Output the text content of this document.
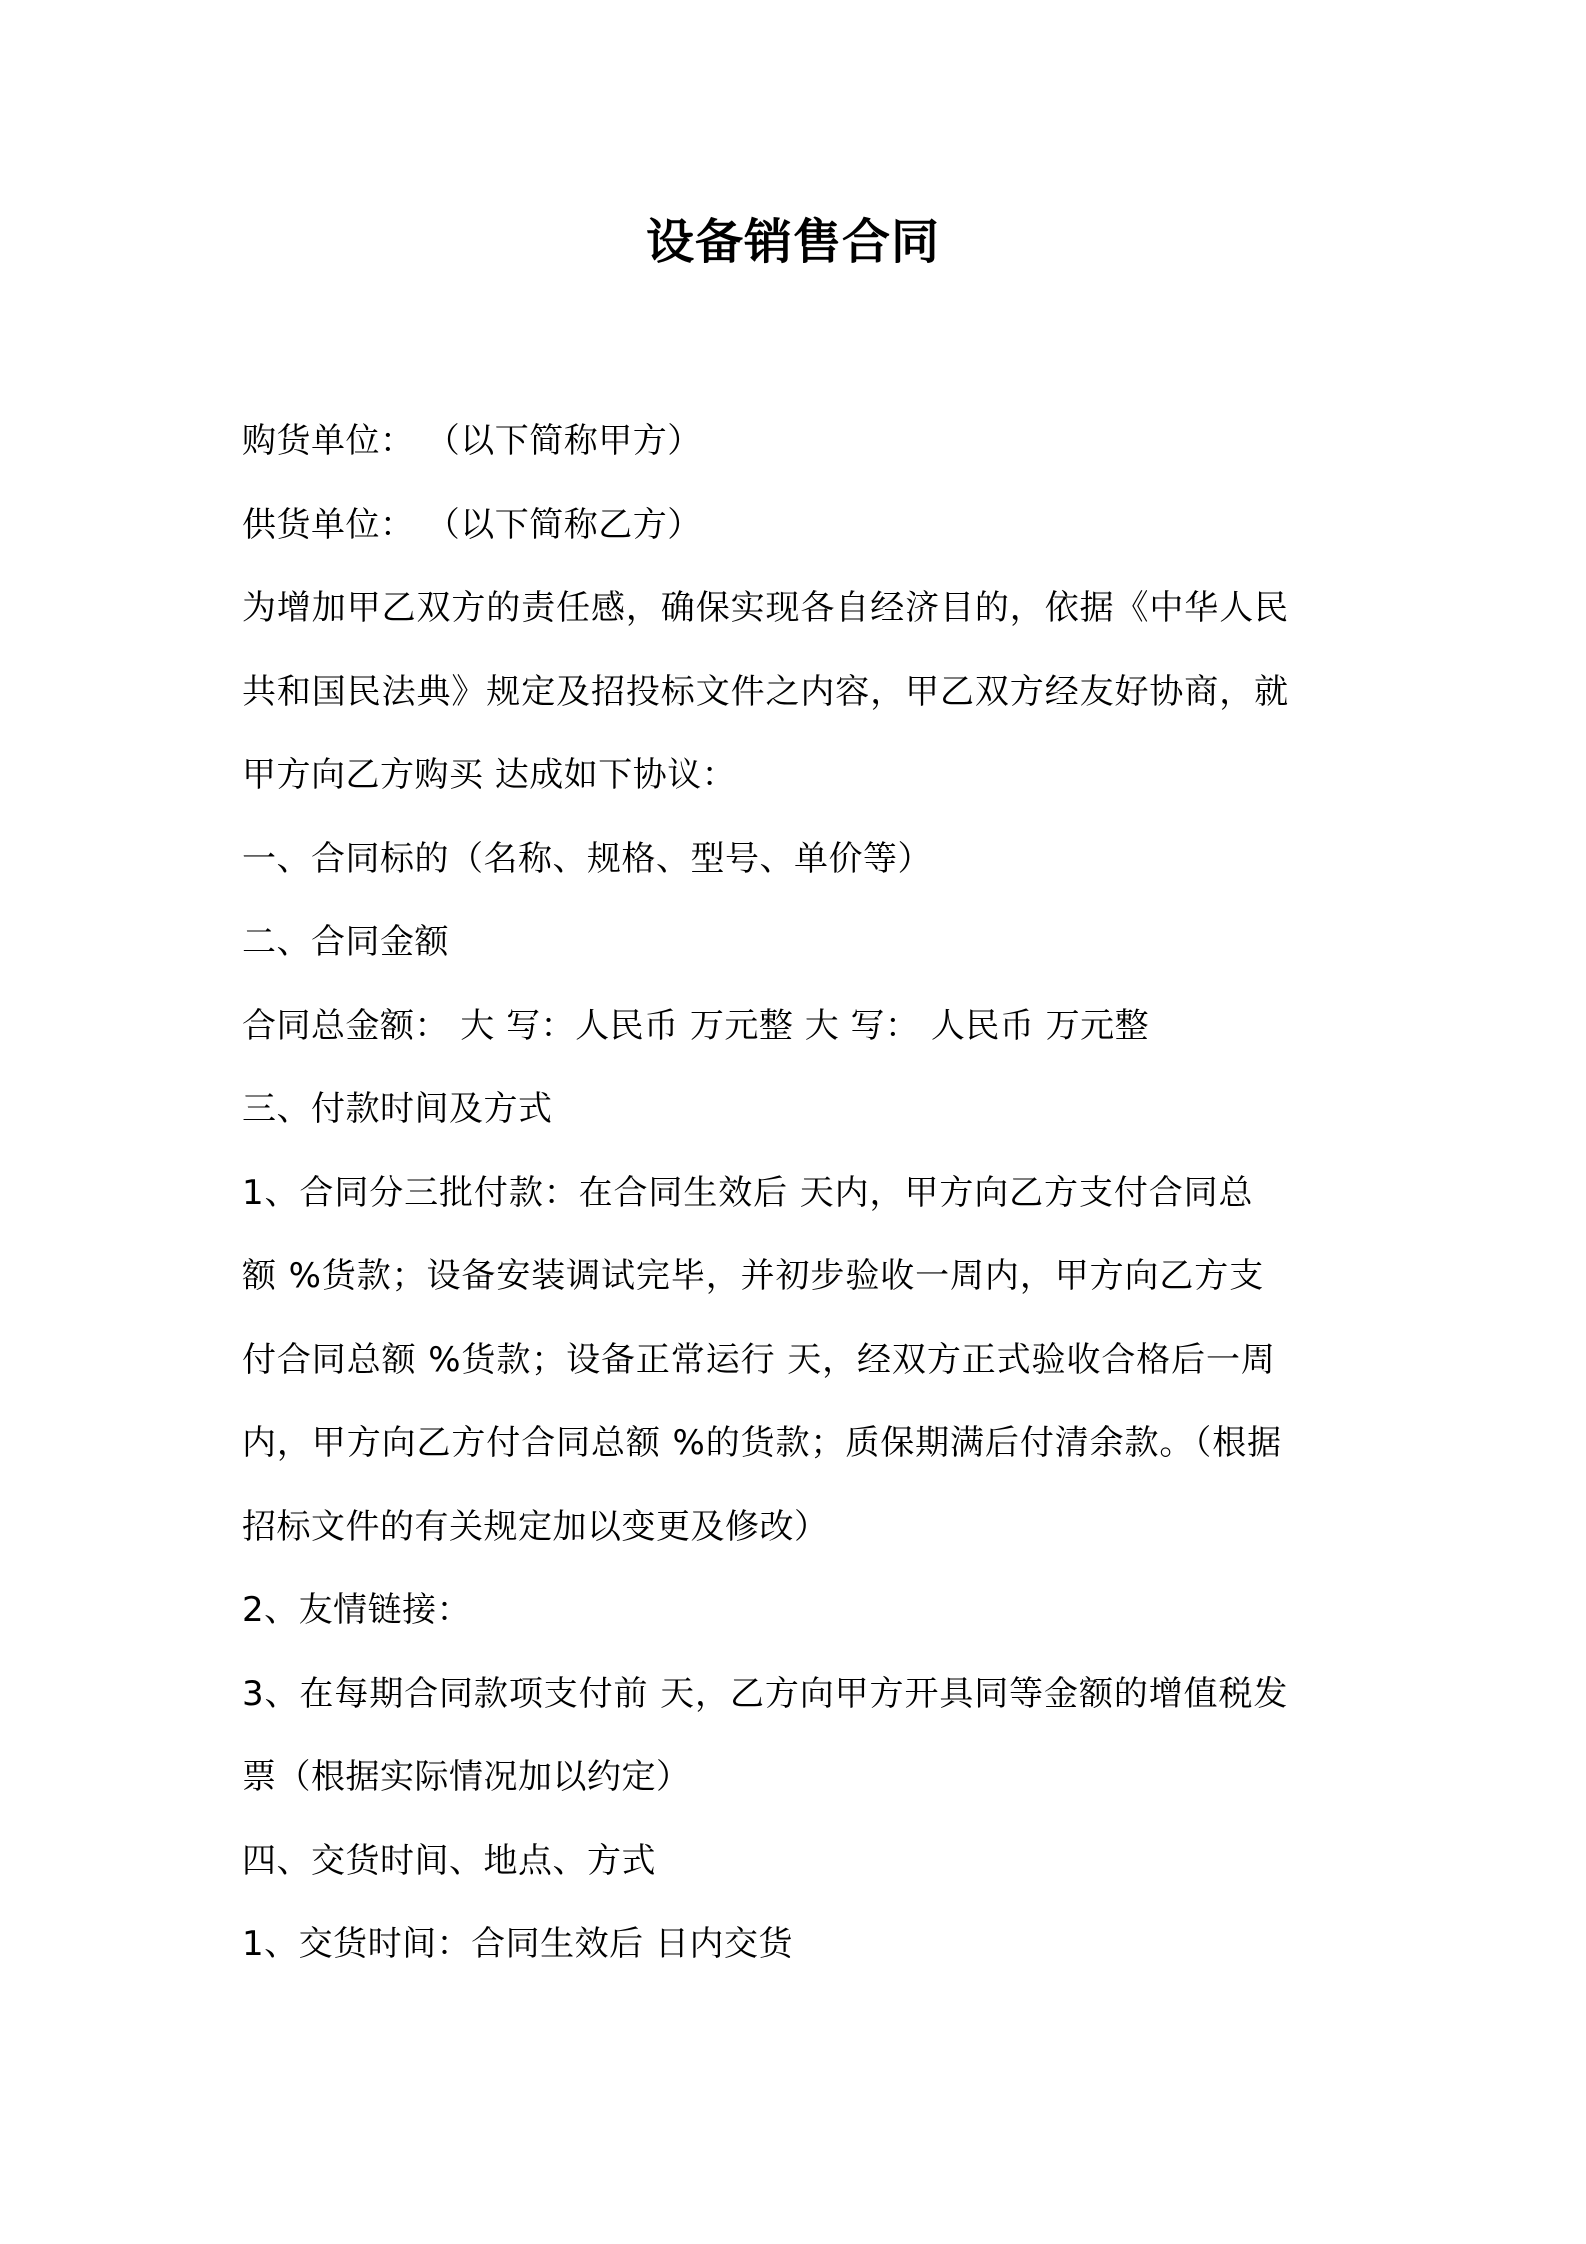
设备销售合同
购货单位： （以下简称甲方）
供货单位： （以下简称乙方）
为增加甲乙双方的责任感，确保实现各自经济目的，依据《中华人民
共和国民法典》规定及招投标文件之内容，甲乙双方经友好协商，就
甲方向乙方购买 达成如下协议：
一、合同标的（名称、规格、型号、单价等）
二、合同金额
合同总金额： 大 写：人民币 万元整 大 写： 人民币 万元整
三、付款时间及方式
1、合同分三批付款：在合同生效后 天内，甲方向乙方支付合同总
额 %货款；设备安装调试完毕，并初步验收一周内，甲方向乙方支
付合同总额 %货款；设备正常运行 天，经双方正式验收合格后一周
内，甲方向乙方付合同总额 %的货款；质保期满后付清余款。（根据
招标文件的有关规定加以变更及修改）
2、友情链接：
3、在每期合同款项支付前 天，乙方向甲方开具同等金额的增值税发
票（根据实际情况加以约定）
四、交货时间、地点、方式
1、交货时间：合同生效后 日内交货
